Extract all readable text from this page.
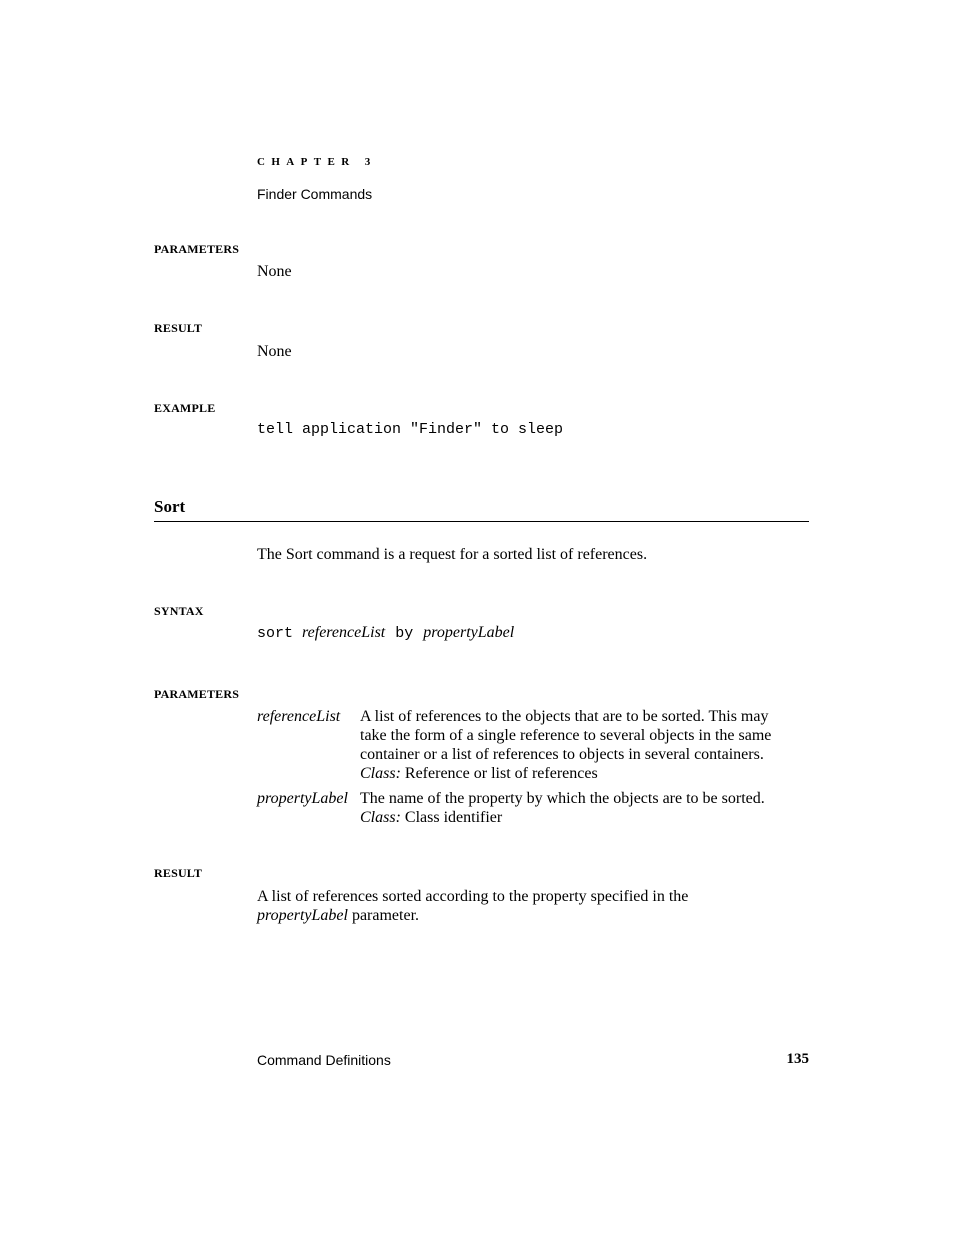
CHAPTER 3
Finder Commands
PARAMETERS
None
RESULT
None
EXAMPLE
tell application "Finder" to sleep
Sort
The Sort command is a request for a sorted list of references.
SYNTAX
sort referenceList by propertyLabel
PARAMETERS
referenceList A list of references to the objects that are to be sorted. This may
take the form of a single reference to several objects in the same
container or a list of references to objects in several containers.
Class: Reference or list of references
propertyLabel The name of the property by which the objects are to be sorted.
Class: Class identifier
RESULT
A list of references sorted according to the property specified in the
propertyLabel parameter.
Command Definitions	135
